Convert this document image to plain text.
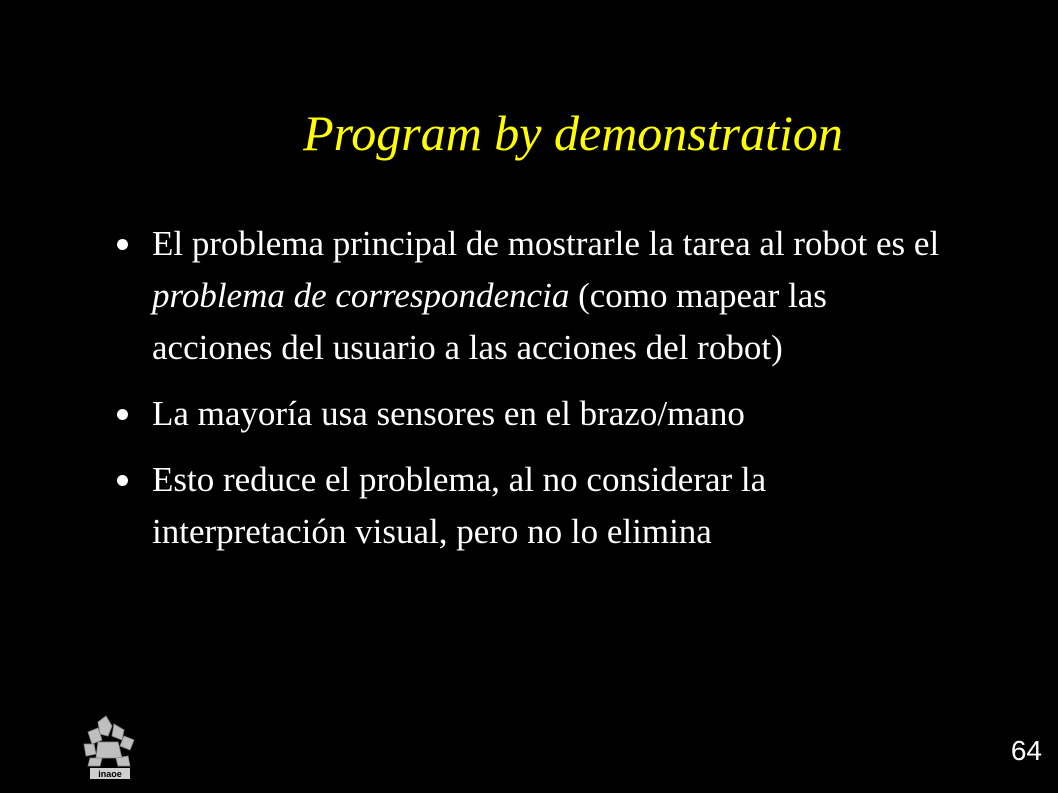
Program by demonstration
El problema principal de mostrarle la tarea al robot es el problema de correspondencia (como mapear las acciones del usuario a las acciones del robot)
La mayoría usa sensores en el brazo/mano
Esto reduce el problema, al no considerar la interpretación visual, pero no lo elimina
inaoe
64
